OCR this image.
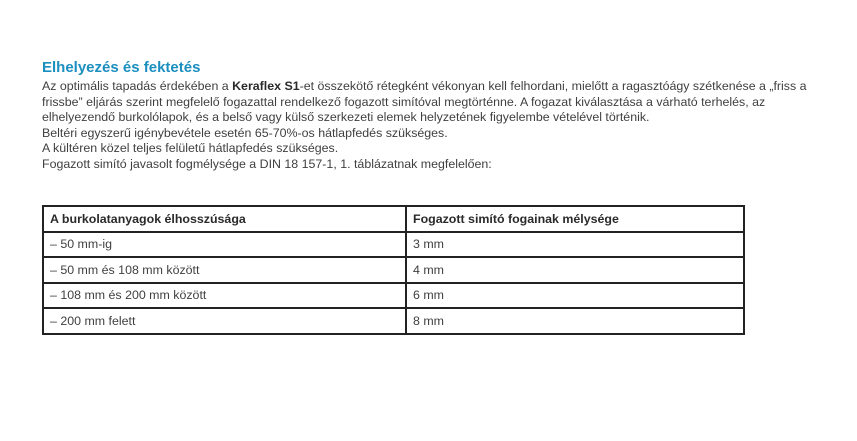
Elhelyezés és fektetés

Az optimális tapadás érdekében a Keraflex S1-et összekötő rétegként vékonyan kell felhordani, mielőtt a ragasztóágy szétkenése a „friss a frissbe” eljárás szerint megfelelő fogazattal rendelkező fogazott simítóval megtörténne. A fogazat kiválasztása a várható terhelés, az elhelyezendő burkolólapok, és a belső vagy külső szerkezeti elemek helyzetének figyelembe vételével történik.

Beltéri egyszerű igénybevétele esetén 65-70%-os hátlapfedés szükséges.

A kültéren közel teljes felületű hátlapfedés szükséges.

Fogazott simító javasolt fogmélysége a DIN 18 157-1, 1. táblázatnak megfelelően:

A burkolatanyagok élhosszúsága	Fogazott simító fogainak mélysége
– 50 mm-ig	3 mm
– 50 mm és 108 mm között	4 mm
– 108 mm és 200 mm között	6 mm
– 200 mm felett	8 mm
